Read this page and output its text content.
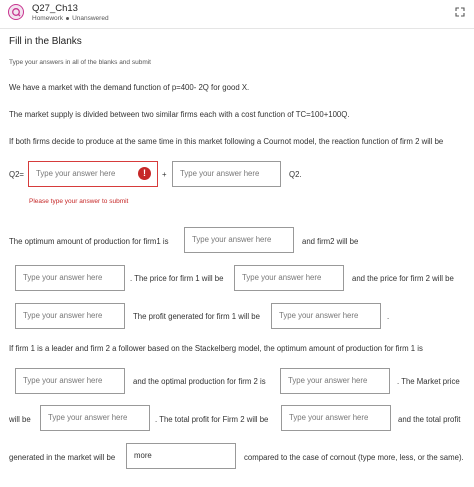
Q27_Ch13
Homework Unanswered
Fill in the Blanks
Type your answers in all of the blanks and submit
We have a market with the demand function of p=400- 2Q for good X.
The market supply is divided between two similar firms each with a cost function of TC=100+100Q.
If both firms decide to produce at the same time in this market following a Cournot model, the reaction function of firm 2 will be
Q2=	Type your answer here	!	+	Type your answer here	Q2.
Please type your answer to submit
The optimum amount of production for firm1 is	Type your answer here	and firm2 will be
Type your answer here	. The price for firm 1 will be	Type your answer here	and the price for firm 2 will be
Type your answer here	The profit generated for firm 1 will be	Type your answer here	.
If firm 1 is a leader and firm 2 a follower based on the Stackelberg model, the optimum amount of production for firm 1 is
Type your answer here	and the optimal production for firm 2 is	Type your answer here	. The Market price
will be	Type your answer here	. The total profit for Firm 2 will be	Type your answer here	and the total profit
generated in the market will be	more	compared to the case of cornout (type more, less, or the same).
